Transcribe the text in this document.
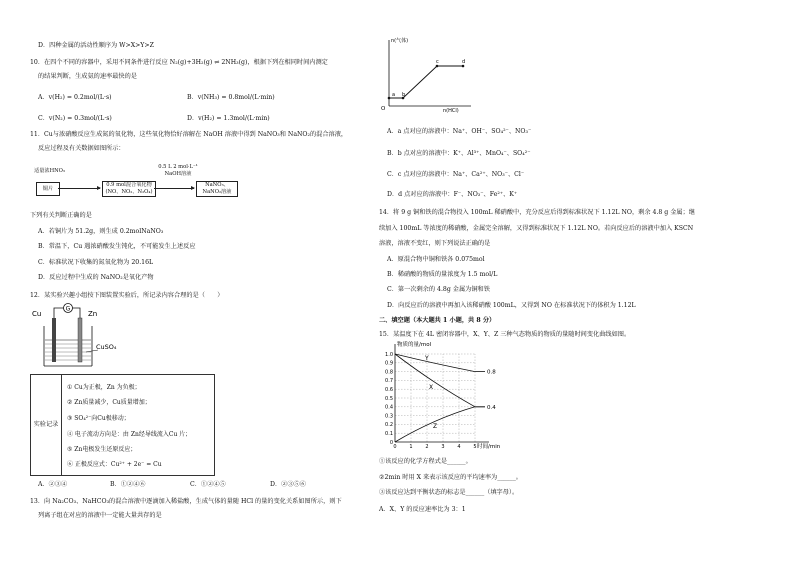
D．四种金属的活动性顺序为 W>X>Y>Z
10．在四个不同的容器中，采用不同条件进行反应 N₂(g)+3H₂(g) ⇌ 2NH₃(g)，根据下列在相同时间内测定
的结果判断，生成氨的速率最快的是
A．v(H₂) = 0.2mol/(L·s)	B．v(NH₃) = 0.8mol/(L·min)
C．v(N₂) = 0.3mol/(L·s)	D．v(H₂) = 1.3mol/(L·min)
11．Cu与浓硝酸反应生成氮的氧化物，这些氧化物恰好溶解在 NaOH 溶液中得到 NaNO₃和 NaNO₂的混合溶液，
反应过程及有关数据如图所示：
适量浓HNO₃
铜片
0.9 mol混合氧化物
(NO、NO₂、N₂O₄)
0.5 L 2 mol·L⁻¹
NaOH溶液
NaNO₃、
NaNO₂溶液
下列有关判断正确的是
A．若铜片为 51.2g，则生成 0.2molNaNO₃
B．常温下，Cu 遇浓硝酸发生钝化，不可能发生上述反应
C．标准状况下收集的氮氧化物为 20.16L
D．反应过程中生成的 NaNO₂是氧化产物
12．某实验兴趣小组按下图装置实验后，所记录内容合理的是（　　）
G
Cu	Zn
CuSO₄
实验记录
① Cu为正极，Zn 为负极；
② Zn质量减少，Cu质量增加；
③ SO₄²⁻向Cu极移动；
④ 电子流动方向是：由 Zn经导线流入Cu 片；
⑤ Zn电极发生还原反应；
⑥ 正极反应式：Cu²⁺ + 2e⁻ = Cu
A．②③④	B．①②④⑥	C．①②④⑤	D．②③⑤⑥
13．向 Na₂CO₃、NaHCO₃的混合溶液中逐滴加入稀盐酸，生成气体的量随 HCl 的量的变化关系如图所示，则下
列离子组在对应的溶液中一定能大量共存的是
n(气体)
n(HCl)
O
a b
c	d
A．a 点对应的溶液中：Na⁺、OH⁻、SO₄²⁻、NO₃⁻
B．b 点对应的溶液中：K⁺、Al³⁺、MnO₄⁻、SO₄²⁻
C．c 点对应的溶液中：Na⁺、Ca²⁺、NO₃⁻、Cl⁻
D．d 点对应的溶液中：F⁻、NO₃⁻、Fe²⁺、K⁺
14．将 9 g 铜和铁的混合物投入 100mL 稀硝酸中，充分反应后得到标准状况下 1.12L NO，剩余 4.8 g 金属；继
续加入 100mL 等浓度的稀硝酸，金属完全溶解，又得到标准状况下 1.12L NO。若向反应后的溶液中加入 KSCN
溶液，溶液不变红，则下列说法正确的是
A．原混合物中铜和铁各 0.075mol
B．稀硝酸的物质的量浓度为 1.5 mol/L
C．第一次剩余的 4.8g 金属为铜和铁
D．向反应后的溶液中再加入该稀硝酸 100mL，又得到 NO 在标准状况下的体积为 1.12L
二、填空题（本大题共 1 小题，共 8 分）
15．某温度下在 4L 密闭容器中，X、Y、Z 三种气态物质的物质的量随时间变化曲线如图。
0
0.1
0.2
0.3
0.4
0.5
0.6
0.7
0.8
0.9
1.0
0	1	2	3	4	5
物质的量/mol
时间/min
Y
X
Z
0.8
0.4
①该反应的化学方程式是______。
②2min 时用 X 来表示该反应的平均速率为______。
③该反应达到平衡状态的标志是______（填字母）。
A．X、Y 的反应速率比为 3：1
